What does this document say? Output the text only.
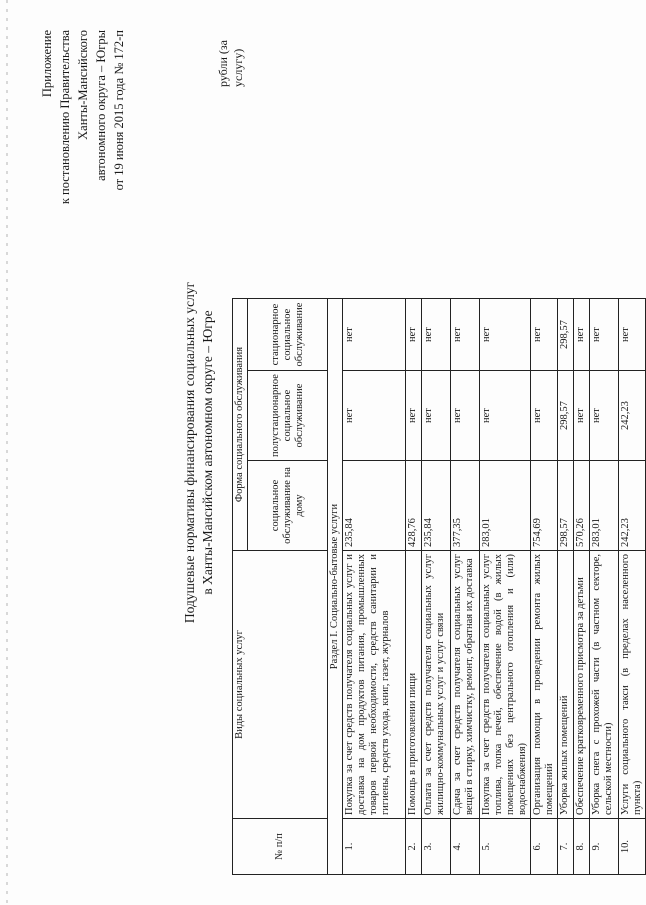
Приложение к постановлению Правительства Ханты-Мансийского автономного округа – Югры от 19 июня 2015 года № 172-п
Подушевые нормативы финансирования социальных услуг в Ханты-Мансийском автономном округе – Югре
рубли (за услугу)
№ п/п	Виды социальных услуг	Форма социального обслуживания		
		социальное обслуживание на дому	полустационарное социальное обслуживание	стационарное социальное обслуживание
Раздел I. Социально-бытовые услуги				
1.	Покупка за счет средств получателя социальных услуг и доставка на дом продуктов питания, промышленных товаров первой необходимости, средств санитарии и гигиены, средств ухода, книг, газет, журналов	235,84	нет	нет
2.	Помощь в приготовлении пищи	428,76	нет	нет
3.	Оплата за счет средств получателя социальных услуг жилищно-коммунальных услуг и услуг связи	235,84	нет	нет
4.	Сдача за счет средств получателя социальных услуг вещей в стирку, химчистку, ремонт, обратная их доставка	377,35	нет	нет
5.	Покупка за счет средств получателя социальных услуг топлива, топка печей, обеспечение водой (в жилых помещениях без центрального отопления и (или) водоснабжения)	283,01	нет	нет
6.	Организация помощи в проведении ремонта жилых помещений	754,69	нет	нет
7.	Уборка жилых помещений	298,57	298,57	298,57
8.	Обеспечение кратковременного присмотра за детьми	570,26	нет	нет
9.	Уборка снега с прохожей части (в частном секторе, сельской местности)	283,01	нет	нет
10.	Услуги социального такси (в пределах населенного пункта)	242,23	242,23	нет
